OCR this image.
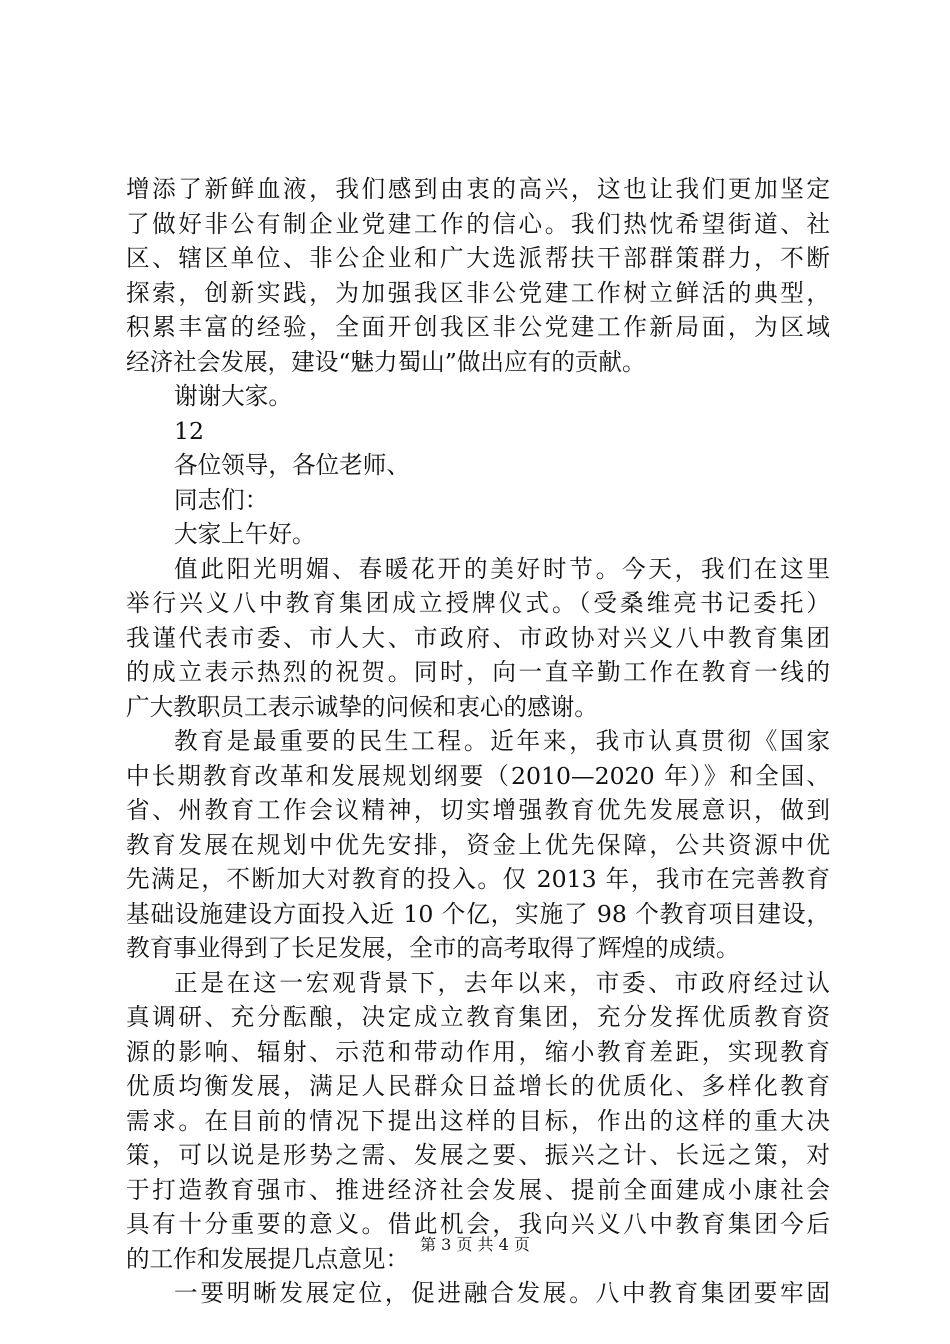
增添了新鲜血液，我们感到由衷的高兴，这也让我们更加坚定
了做好非公有制企业党建工作的信心。我们热忱希望街道、社
区、辖区单位、非公企业和广大选派帮扶干部群策群力，不断
探索，创新实践，为加强我区非公党建工作树立鲜活的典型，
积累丰富的经验，全面开创我区非公党建工作新局面，为区域
经济社会发展，建设“魅力蜀山”做出应有的贡献。
谢谢大家。
12
各位领导，各位老师、
同志们：
大家上午好。
值此阳光明媚、春暖花开的美好时节。今天，我们在这里
举行兴义八中教育集团成立授牌仪式。（受桑维亮书记委托）
我谨代表市委、市人大、市政府、市政协对兴义八中教育集团
的成立表示热烈的祝贺。同时，向一直辛勤工作在教育一线的
广大教职员工表示诚挚的问候和衷心的感谢。
教育是最重要的民生工程。近年来，我市认真贯彻《国家
中长期教育改革和发展规划纲要（2010—2020 年）》和全国、
省、州教育工作会议精神，切实增强教育优先发展意识，做到
教育发展在规划中优先安排，资金上优先保障，公共资源中优
先满足，不断加大对教育的投入。仅 2013 年，我市在完善教育
基础设施建设方面投入近 10 个亿，实施了 98 个教育项目建设，
教育事业得到了长足发展，全市的高考取得了辉煌的成绩。
正是在这一宏观背景下，去年以来，市委、市政府经过认
真调研、充分酝酿，决定成立教育集团，充分发挥优质教育资
源的影响、辐射、示范和带动作用，缩小教育差距，实现教育
优质均衡发展，满足人民群众日益增长的优质化、多样化教育
需求。在目前的情况下提出这样的目标，作出的这样的重大决
策，可以说是形势之需、发展之要、振兴之计、长远之策，对
于打造教育强市、推进经济社会发展、提前全面建成小康社会
具有十分重要的意义。借此机会，我向兴义八中教育集团今后
的工作和发展提几点意见：
一要明晰发展定位，促进融合发展。八中教育集团要牢固
第 3 页 共 4 页
